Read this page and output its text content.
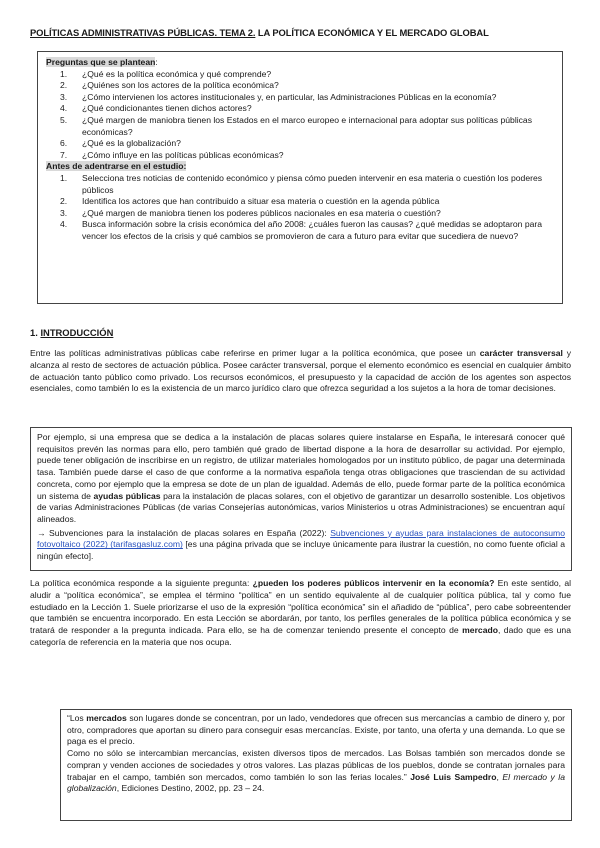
POLÍTICAS ADMINISTRATIVAS PÚBLICAS. TEMA 2. LA POLÍTICA ECONÓMICA Y EL MERCADO GLOBAL
Preguntas que se plantean:
1. ¿Qué es la política económica y qué comprende?
2. ¿Quiénes son los actores de la política económica?
3. ¿Cómo intervienen los actores institucionales y, en particular, las Administraciones Públicas en la economía?
4. ¿Qué condicionantes tienen dichos actores?
5. ¿Qué margen de maniobra tienen los Estados en el marco europeo e internacional para adoptar sus políticas públicas económicas?
6. ¿Qué es la globalización?
7. ¿Cómo influye en las políticas públicas económicas?
Antes de adentrarse en el estudio:
1. Selecciona tres noticias de contenido económico y piensa cómo pueden intervenir en esa materia o cuestión los poderes públicos
2. Identifica los actores que han contribuido a situar esa materia o cuestión en la agenda pública
3. ¿Qué margen de maniobra tienen los poderes públicos nacionales en esa materia o cuestión?
4. Busca información sobre la crisis económica del año 2008: ¿cuáles fueron las causas? ¿qué medidas se adoptaron para vencer los efectos de la crisis y qué cambios se promovieron de cara a futuro para evitar que sucediera de nuevo?
1. INTRODUCCIÓN
Entre las políticas administrativas públicas cabe referirse en primer lugar a la política económica, que posee un carácter transversal y alcanza al resto de sectores de actuación pública. Posee carácter transversal, porque el elemento económico es esencial en cualquier ámbito de actuación tanto público como privado. Los recursos económicos, el presupuesto y la capacidad de acción de los agentes son aspectos esenciales, como también lo es la existencia de un marco jurídico claro que ofrezca seguridad a los sujetos a la hora de tomar decisiones.
Por ejemplo, si una empresa que se dedica a la instalación de placas solares quiere instalarse en España, le interesará conocer qué requisitos prevén las normas para ello, pero también qué grado de libertad dispone a la hora de desarrollar su actividad. Por ejemplo, puede tener obligación de inscribirse en un registro, de utilizar materiales homologados por un instituto público, de pagar una determinada tasa. También puede darse el caso de que conforme a la normativa española tenga otras obligaciones que trasciendan de su actividad concreta, como por ejemplo que la empresa se dote de un plan de igualdad. Además de ello, puede formar parte de la política económica un sistema de ayudas públicas para la instalación de placas solares, con el objetivo de garantizar un desarrollo sostenible. Los objetivos de varias Administraciones Públicas (de varias Consejerías autonómicas, varios Ministerios u otras Administraciones) se encuentran aquí alineados.
→ Subvenciones para la instalación de placas solares en España (2022): Subvenciones y ayudas para instalaciones de autoconsumo fotovoltaico (2022) (tarifasgasluz.com) [es una página privada que se incluye únicamente para ilustrar la cuestión, no como fuente oficial a ningún efecto].
La política económica responde a la siguiente pregunta: ¿pueden los poderes públicos intervenir en la economía? En este sentido, al aludir a “política económica”, se emplea el término “política” en un sentido equivalente al de cualquier política pública, tal y como fue estudiado en la Lección 1. Suele priorizarse el uso de la expresión “política económica” sin el añadido de “pública”, pero cabe sobreentender que también se encuentra incorporado. En esta Lección se abordarán, por tanto, los perfiles generales de la política pública económica y se tratará de responder a la pregunta indicada. Para ello, se ha de comenzar teniendo presente el concepto de mercado, dado que es una categoría de referencia en la materia que nos ocupa.
“Los mercados son lugares donde se concentran, por un lado, vendedores que ofrecen sus mercancías a cambio de dinero y, por otro, compradores que aportan su dinero para conseguir esas mercancías. Existe, por tanto, una oferta y una demanda. Lo que se paga es el precio.
Como no sólo se intercambian mercancías, existen diversos tipos de mercados. Las Bolsas también son mercados donde se compran y venden acciones de sociedades y otros valores. Las plazas públicas de los pueblos, donde se contratan jornales para trabajar en el campo, también son mercados, como también lo son las ferias locales.” José Luis Sampedro, El mercado y la globalización, Ediciones Destino, 2002, pp. 23 – 24.
